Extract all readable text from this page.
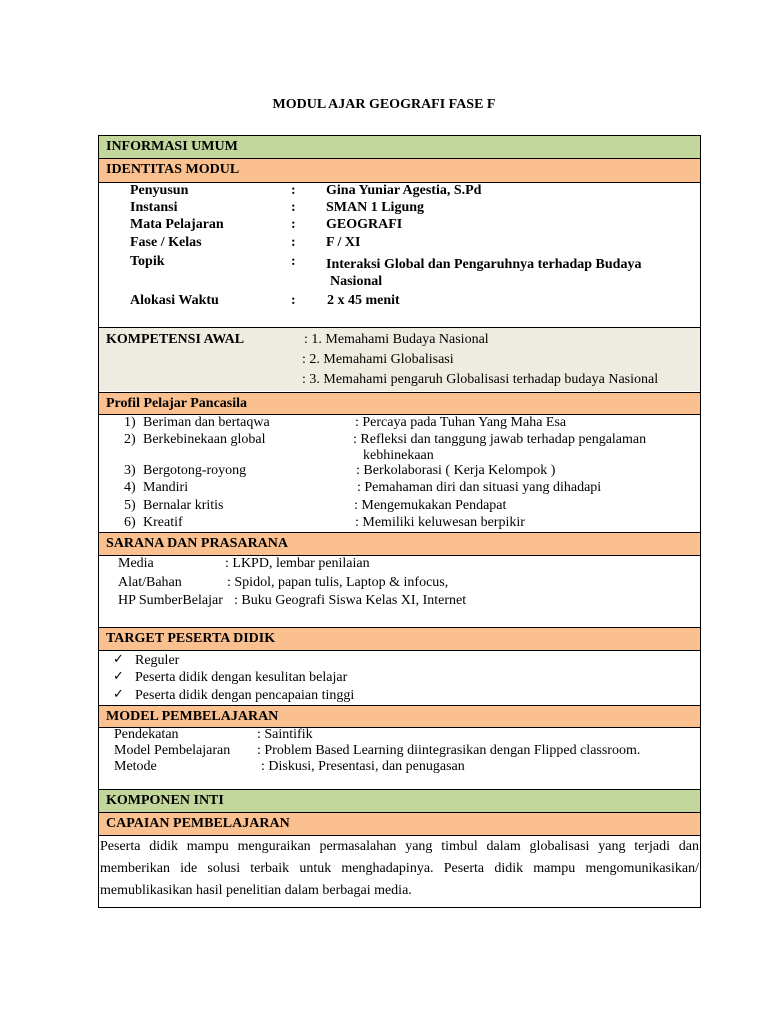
MODUL AJAR GEOGRAFI FASE F
INFORMASI UMUM
IDENTITAS MODUL
Penyusun	: Gina Yuniar Agestia, S.Pd
Instansi	: SMAN 1 Ligung
Mata Pelajaran	: GEOGRAFI
Fase / Kelas	: F / XI
Topik	: Interaksi Global dan Pengaruhnya terhadap Budaya
Nasional
Alokasi Waktu	: 2 x 45 menit
KOMPETENSI AWAL	: 1. Memahami Budaya Nasional
: 2. Memahami Globalisasi
: 3. Memahami pengaruh Globalisasi terhadap budaya Nasional
Profil Pelajar Pancasila
1) Beriman dan bertaqwa	: Percaya pada Tuhan Yang Maha Esa
2) Berkebinekaan global	: Refleksi dan tanggung jawab terhadap pengalaman
kebhinekaan
3) Bergotong-royong	: Berkolaborasi ( Kerja Kelompok )
4) Mandiri	: Pemahaman diri dan situasi yang dihadapi
5) Bernalar kritis	: Mengemukakan Pendapat
6) Kreatif	: Memiliki keluwesan berpikir
SARANA DAN PRASARANA
Media	: LKPD, lembar penilaian
Alat/Bahan	: Spidol, papan tulis, Laptop & infocus,
HP SumberBelajar : Buku Geografi Siswa Kelas XI, Internet
TARGET PESERTA DIDIK
✓ Reguler
✓ Peserta didik dengan kesulitan belajar
✓ Peserta didik dengan pencapaian tinggi
MODEL PEMBELAJARAN
Pendekatan	: Saintifik
Model Pembelajaran : Problem Based Learning diintegrasikan dengan Flipped classroom.
Metode	: Diskusi, Presentasi, dan penugasan
KOMPONEN INTI
CAPAIAN PEMBELAJARAN
Peserta didik mampu menguraikan permasalahan yang timbul dalam globalisasi yang terjadi dan memberikan ide solusi terbaik untuk menghadapinya. Peserta didik mampu mengomunikasikan/ memublikasikan hasil penelitian dalam berbagai media.
